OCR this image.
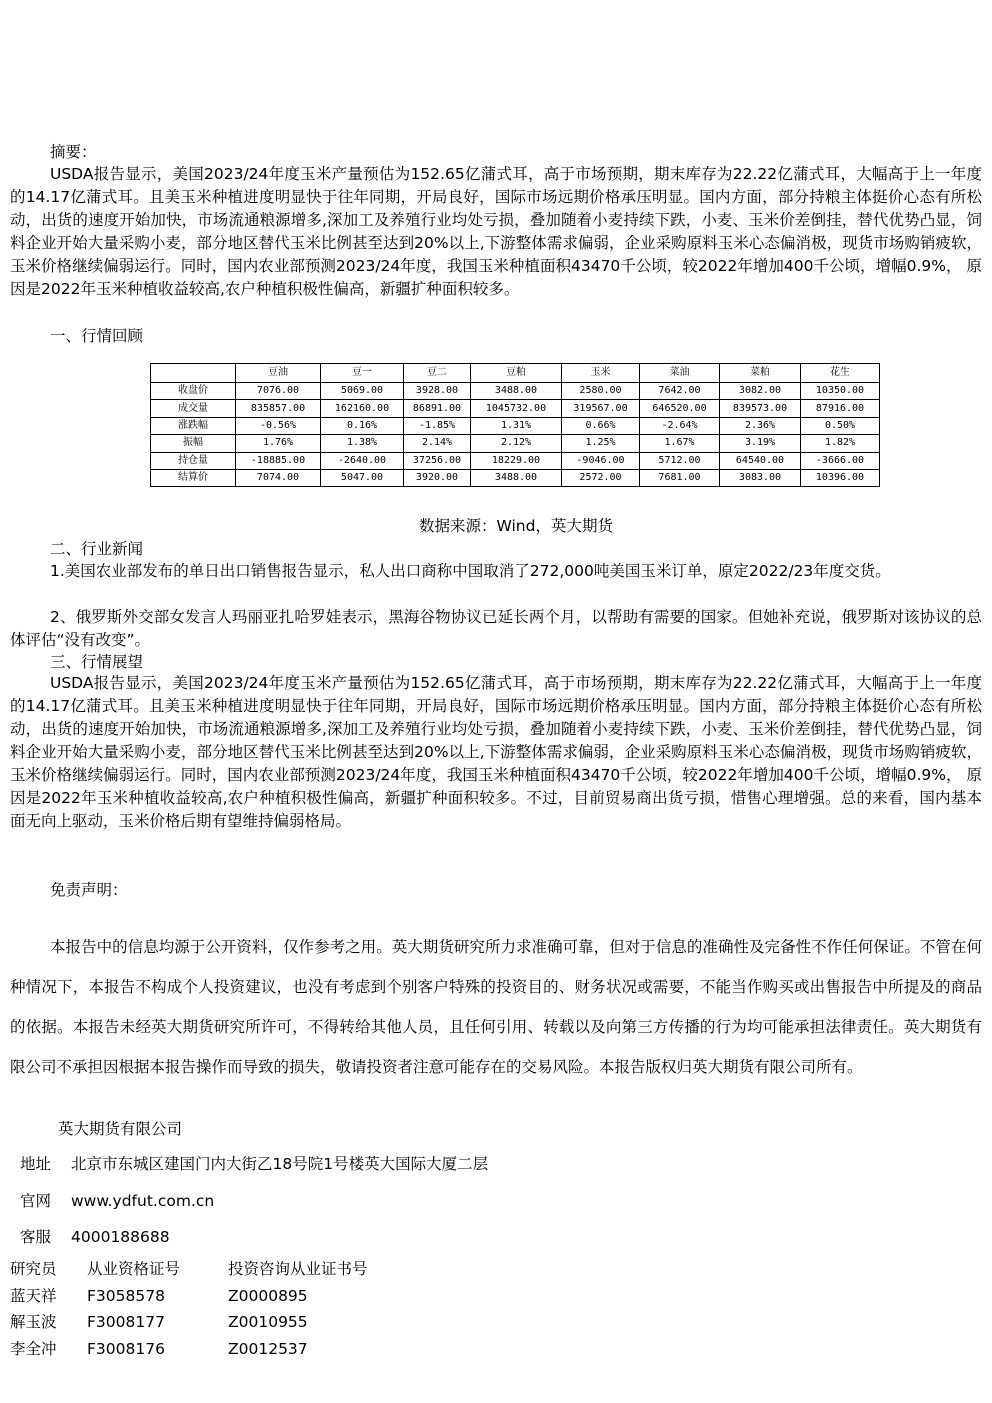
摘要：

USDA报告显示，美国2023/24年度玉米产量预估为152.65亿蒲式耳，高于市场预期，期末库存为22.22亿蒲式耳，大幅高于上一年度的14.17亿蒲式耳。且美玉米种植进度明显快于往年同期，开局良好，国际市场远期价格承压明显。国内方面，部分持粮主体挺价心态有所松动，出货的速度开始加快，市场流通粮源增多,深加工及养殖行业均处亏损，叠加随着小麦持续下跌，小麦、玉米价差倒挂，替代优势凸显，饲料企业开始大量采购小麦，部分地区替代玉米比例甚至达到20%以上,下游整体需求偏弱，企业采购原料玉米心态偏消极，现货市场购销疲软，玉米价格继续偏弱运行。同时，国内农业部预测2023/24年度，我国玉米种植面积43470千公顷，较2022年增加400千公顷，增幅0.9%， 原因是2022年玉米种植收益较高,农户种植积极性偏高，新疆扩种面积较多。

一、行情回顾

	豆油	豆一	豆二	豆粕	玉米	菜油	菜粕	花生
收盘价	7076.00	5069.00	3928.00	3488.00	2580.00	7642.00	3082.00	10350.00
成交量	835857.00	162160.00	86891.00	1045732.00	319567.00	646520.00	839573.00	87916.00
涨跌幅	-0.56%	0.16%	-1.85%	1.31%	0.66%	-2.64%	2.36%	0.50%
振幅	1.76%	1.38%	2.14%	2.12%	1.25%	1.67%	3.19%	1.82%
持仓量	-18885.00	-2640.00	37256.00	18229.00	-9046.00	5712.00	64540.00	-3666.00
结算价	7074.00	5047.00	3920.00	3488.00	2572.00	7681.00	3083.00	10396.00

数据来源：Wind，英大期货

二、行业新闻

1.美国农业部发布的单日出口销售报告显示，私人出口商称中国取消了272,000吨美国玉米订单，原定2022/23年度交货。

2、俄罗斯外交部女发言人玛丽亚扎哈罗娃表示，黑海谷物协议已延长两个月，以帮助有需要的国家。但她补充说，俄罗斯对该协议的总体评估“没有改变”。

三、行情展望

USDA报告显示，美国2023/24年度玉米产量预估为152.65亿蒲式耳，高于市场预期，期末库存为22.22亿蒲式耳，大幅高于上一年度的14.17亿蒲式耳。且美玉米种植进度明显快于往年同期，开局良好，国际市场远期价格承压明显。国内方面，部分持粮主体挺价心态有所松动，出货的速度开始加快，市场流通粮源增多,深加工及养殖行业均处亏损，叠加随着小麦持续下跌，小麦、玉米价差倒挂，替代优势凸显，饲料企业开始大量采购小麦，部分地区替代玉米比例甚至达到20%以上,下游整体需求偏弱，企业采购原料玉米心态偏消极，现货市场购销疲软，玉米价格继续偏弱运行。同时，国内农业部预测2023/24年度，我国玉米种植面积43470千公顷，较2022年增加400千公顷，增幅0.9%， 原因是2022年玉米种植收益较高,农户种植积极性偏高，新疆扩种面积较多。不过，目前贸易商出货亏损，惜售心理增强。总的来看，国内基本面无向上驱动，玉米价格后期有望维持偏弱格局。

免责声明：

本报告中的信息均源于公开资料，仅作参考之用。英大期货研究所力求准确可靠，但对于信息的准确性及完备性不作任何保证。不管在何种情况下，本报告不构成个人投资建议，也没有考虑到个别客户特殊的投资目的、财务状况或需要，不能当作购买或出售报告中所提及的商品的依据。本报告未经英大期货研究所许可，不得转给其他人员，且任何引用、转载以及向第三方传播的行为均可能承担法律责任。英大期货有限公司不承担因根据本报告操作而导致的损失，敬请投资者注意可能存在的交易风险。本报告版权归英大期货有限公司所有。

英大期货有限公司

地址 北京市东城区建国门内大街乙18号院1号楼英大国际大厦二层

官网 www.ydfut.com.cn

客服 4000188688

研究员 从业资格证号	投资咨询从业证书号
蓝天祥 F3058578	Z0000895
解玉波 F3008177	Z0010955
李全冲 F3008176	Z0012537
